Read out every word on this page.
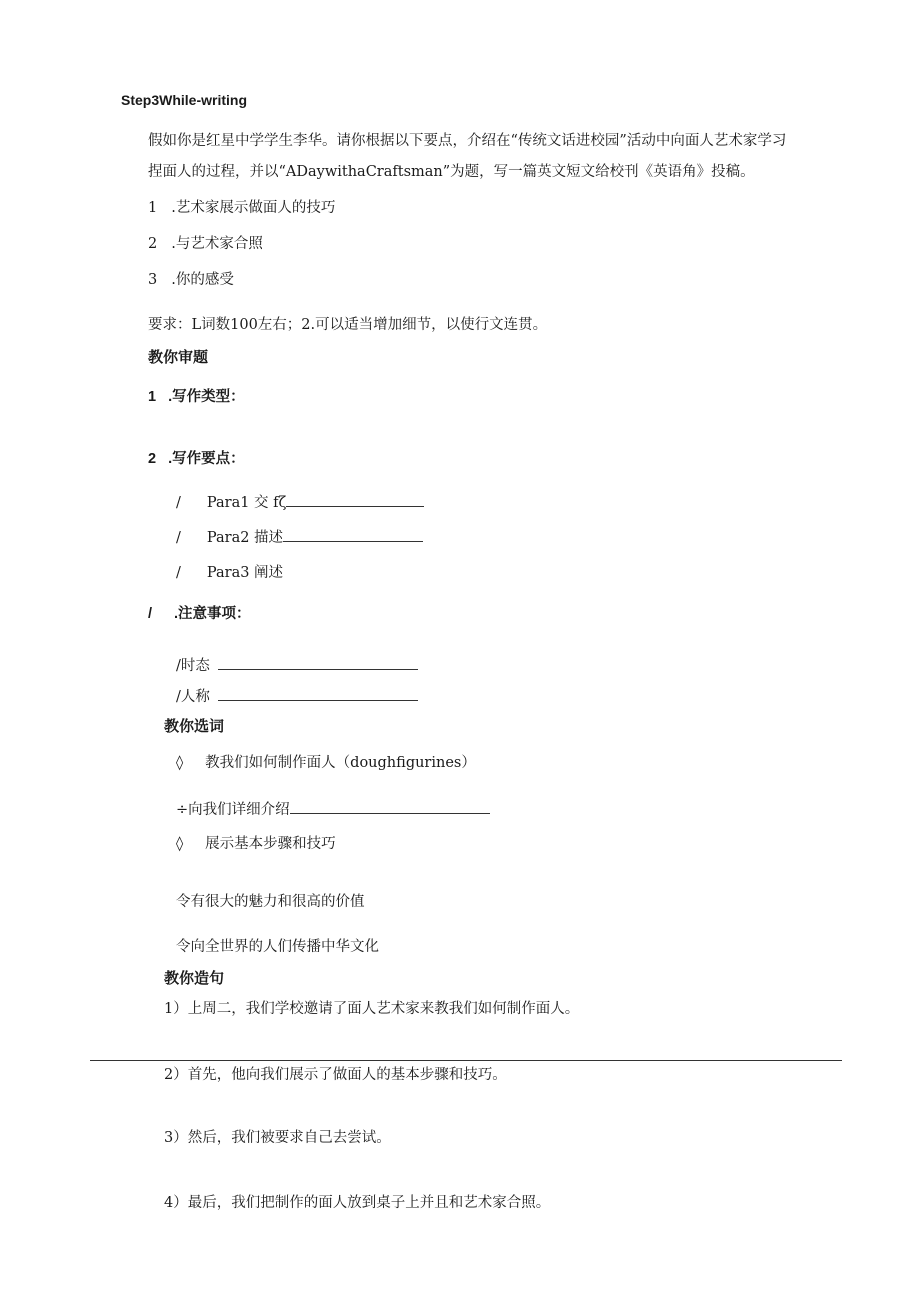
Step3While-writing
假如你是红星中学学生李华。请你根据以下要点，介绍在“传统文话进校园”活动中向面人艺术家学习
捏面人的过程，并以“ADaywithaCraftsman”为题，写一篇英文短文给校刊《英语角》投稿。
1 .艺术家展示做面人的技巧
2 .与艺术家合照
3 .你的感受
要求：L词数100左右；2.可以适当增加细节，以使行文连贯。
教你审题
1 .写作类型：
2 .写作要点：
/ Para1 交 fζ
/ Para2 描述
/ Para3 阐述
/ .注意事项：
/时态
/人称
教你选词
◊ 教我们如何制作面人（doughfigurines）
÷向我们详细介绍
◊ 展示基本步骤和技巧
令有很大的魅力和很高的价值
令向全世界的人们传播中华文化
教你造句
1）上周二，我们学校邀请了面人艺术家来教我们如何制作面人。
2）首先，他向我们展示了做面人的基本步骤和技巧。
3）然后，我们被要求自己去尝试。
4）最后，我们把制作的面人放到桌子上并且和艺术家合照。
